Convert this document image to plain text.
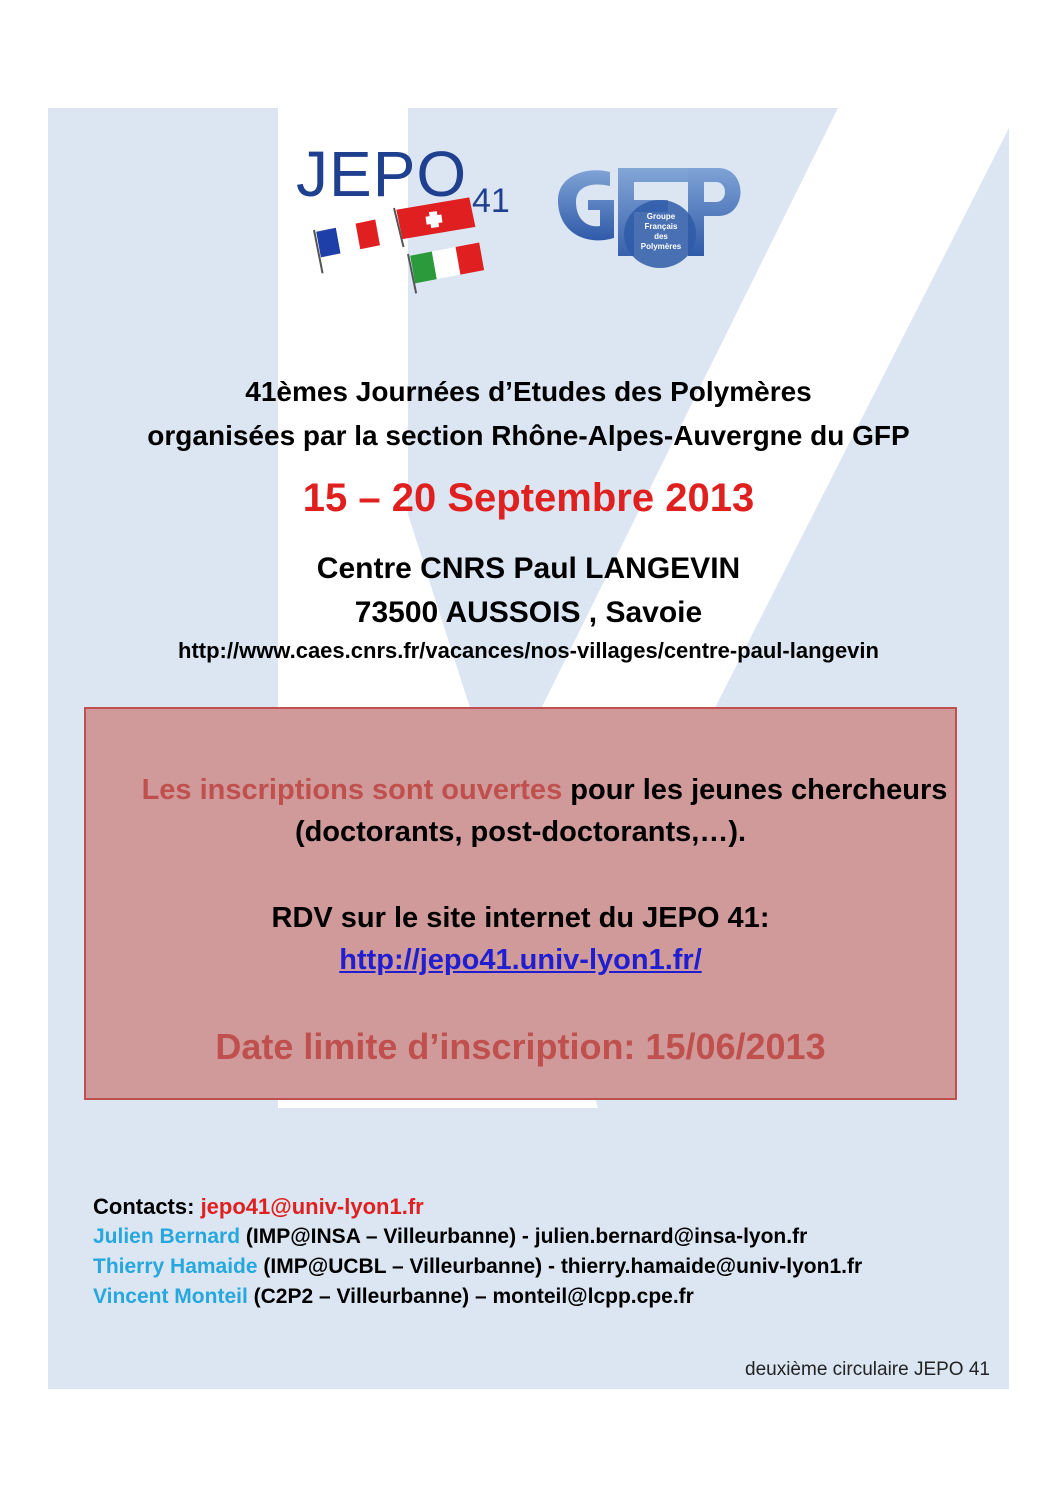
JEPO 41	Groupe
Français
des
Polymères
41èmes Journées d’Etudes des Polymères
organisées par la section Rhône-Alpes-Auvergne du GFP
15 – 20 Septembre 2013
Centre CNRS Paul LANGEVIN
73500 AUSSOIS , Savoie
http://www.caes.cnrs.fr/vacances/nos-villages/centre-paul-langevin
Les inscriptions sont ouvertes pour les jeunes chercheurs
(doctorants, post-doctorants,…).
RDV sur le site internet du JEPO 41:
http://jepo41.univ-lyon1.fr/
Date limite d’inscription: 15/06/2013
Contacts: jepo41@univ-lyon1.fr
Julien Bernard (IMP@INSA – Villeurbanne) - julien.bernard@insa-lyon.fr
Thierry Hamaide (IMP@UCBL – Villeurbanne) - thierry.hamaide@univ-lyon1.fr
Vincent Monteil (C2P2 – Villeurbanne) – monteil@lcpp.cpe.fr
deuxième circulaire JEPO 41
